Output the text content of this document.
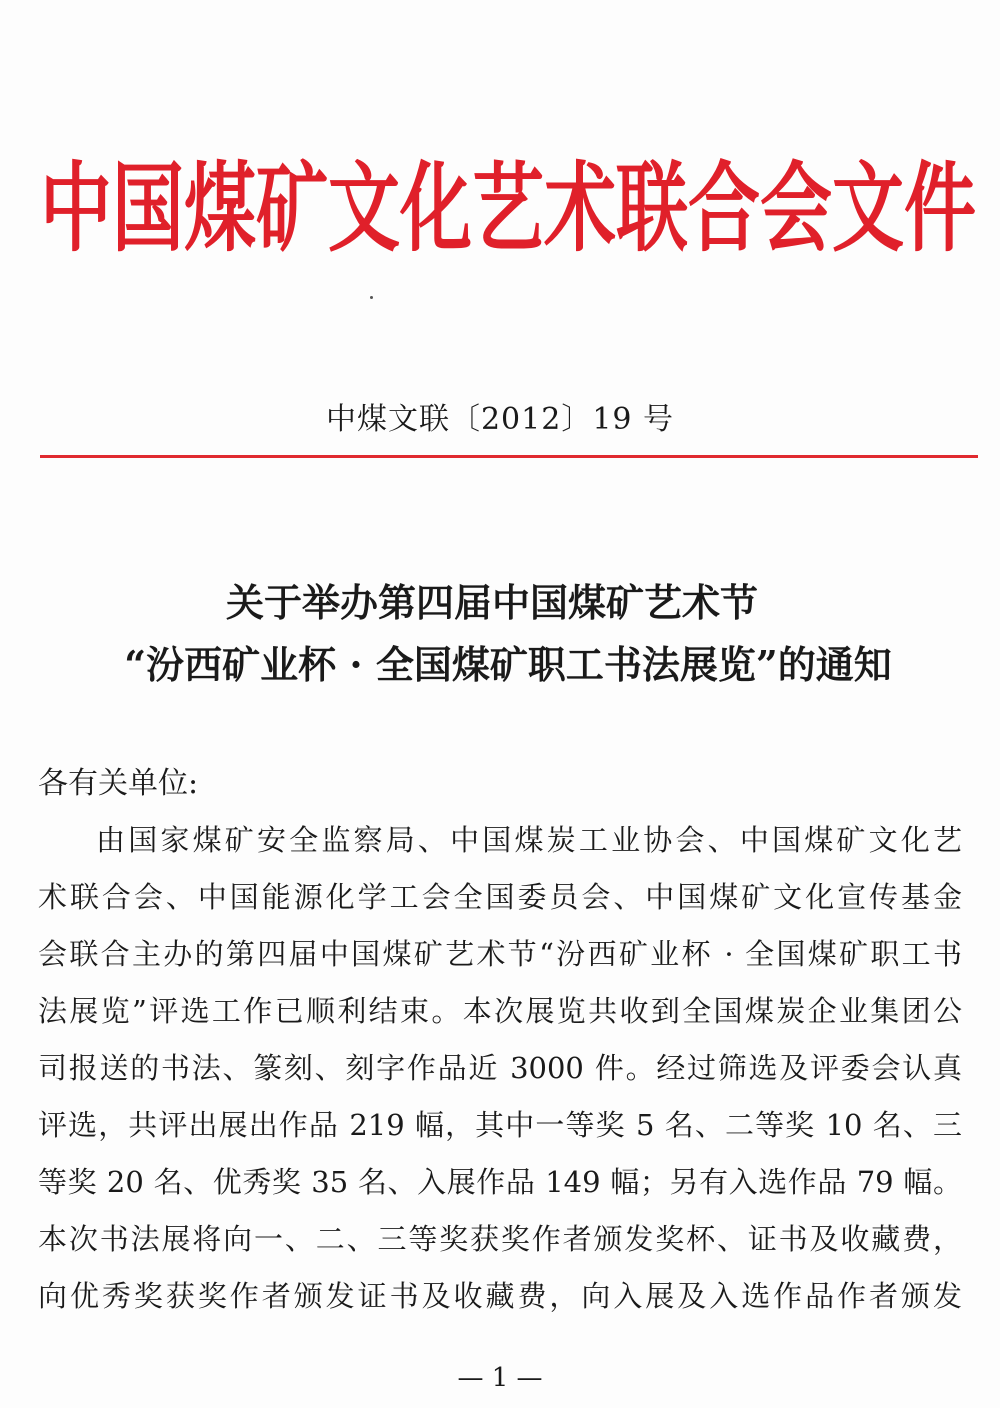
中国煤矿文化艺术联合会文件
中煤文联〔2012〕19 号
关于举办第四届中国煤矿艺术节
“汾西矿业杯 · 全国煤矿职工书法展览”的通知
各有关单位:
由国家煤矿安全监察局、中国煤炭工业协会、中国煤矿文化艺
术联合会、中国能源化学工会全国委员会、中国煤矿文化宣传基金
会联合主办的第四届中国煤矿艺术节“汾西矿业杯 · 全国煤矿职工书
法展览”评选工作已顺利结束。本次展览共收到全国煤炭企业集团公
司报送的书法、篆刻、刻字作品近 3000 件。经过筛选及评委会认真
评选，共评出展出作品 219 幅，其中一等奖 5 名、二等奖 10 名、三
等奖 20 名、优秀奖 35 名、入展作品 149 幅；另有入选作品 79 幅。
本次书法展将向一、二、三等奖获奖作者颁发奖杯、证书及收藏费，
向优秀奖获奖作者颁发证书及收藏费，向入展及入选作品作者颁发
— 1 —
